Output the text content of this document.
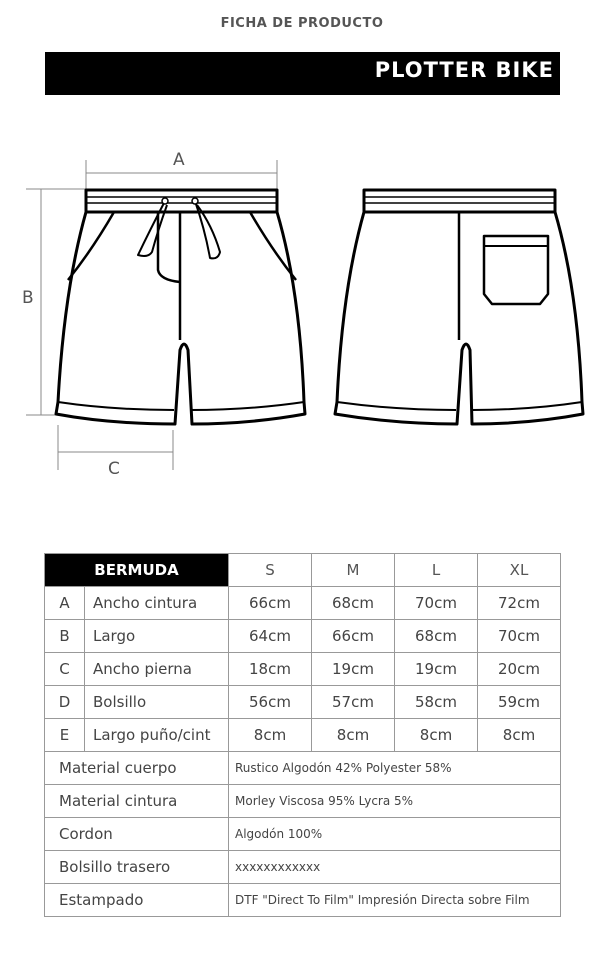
FICHA DE PRODUCTO
PLOTTER BIKE
A
B
C
BERMUDA		S	M	L	XL
A	Ancho cintura	66cm	68cm	70cm	72cm
B	Largo	64cm	66cm	68cm	70cm
C	Ancho pierna	18cm	19cm	19cm	20cm
D	Bolsillo	56cm	57cm	58cm	59cm
E	Largo puño/cint	8cm	8cm	8cm	8cm
Material cuerpo		Rustico Algodón 42% Polyester 58%			
Material cintura		Morley Viscosa 95% Lycra 5%			
Cordon		Algodón 100%			
Bolsillo trasero		xxxxxxxxxxxx			
Estampado		DTF "Direct To Film" Impresión Directa sobre Film			
